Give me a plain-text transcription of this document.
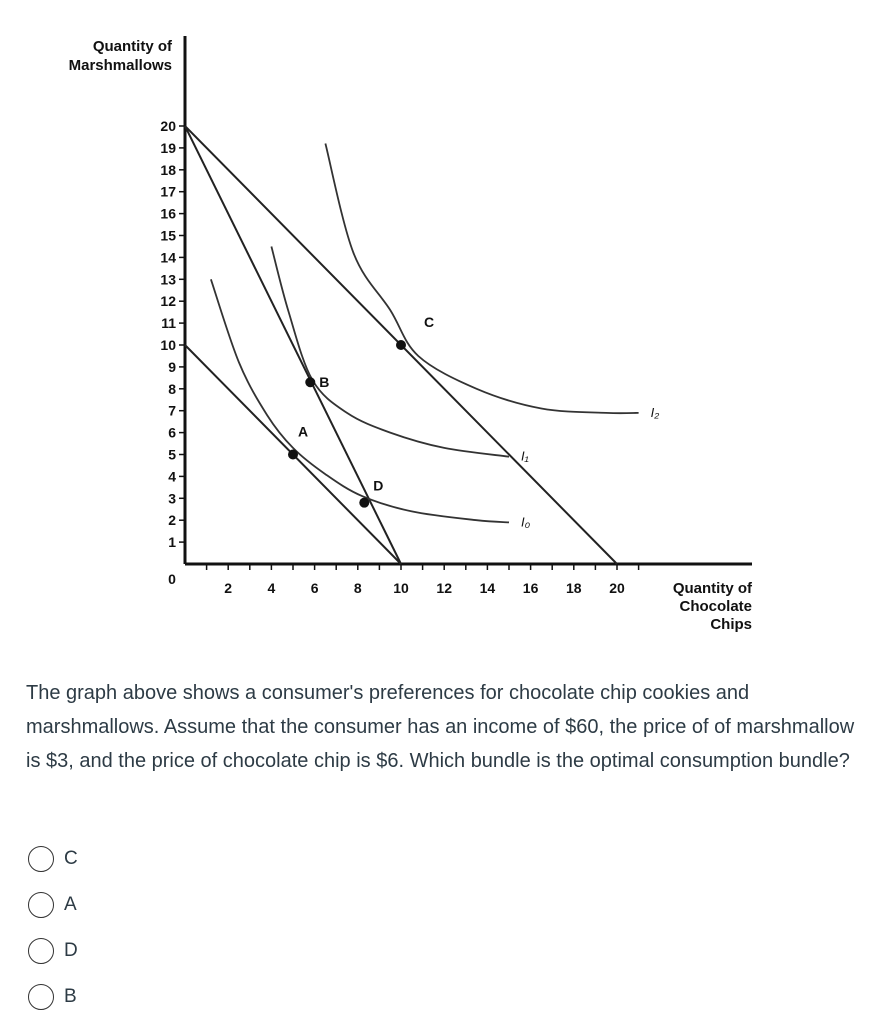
1
2
3
4
5
6
7
8
9
10
11
12
13
14
15
16
17
18
19
20
2	4	6	8 10 12 14 16 18 20
0
I₀
I₁
I₂
A
B
C
D
Quantity of
Marshmallows
Quantity of
Chocolate
Chips

The graph above shows a consumer's preferences for chocolate chip cookies and marshmallows. Assume that the consumer has an income of $60, the price of of marshmallow is $3, and the price of chocolate chip is $6. Which bundle is the optimal consumption bundle?

C
A
D
B
